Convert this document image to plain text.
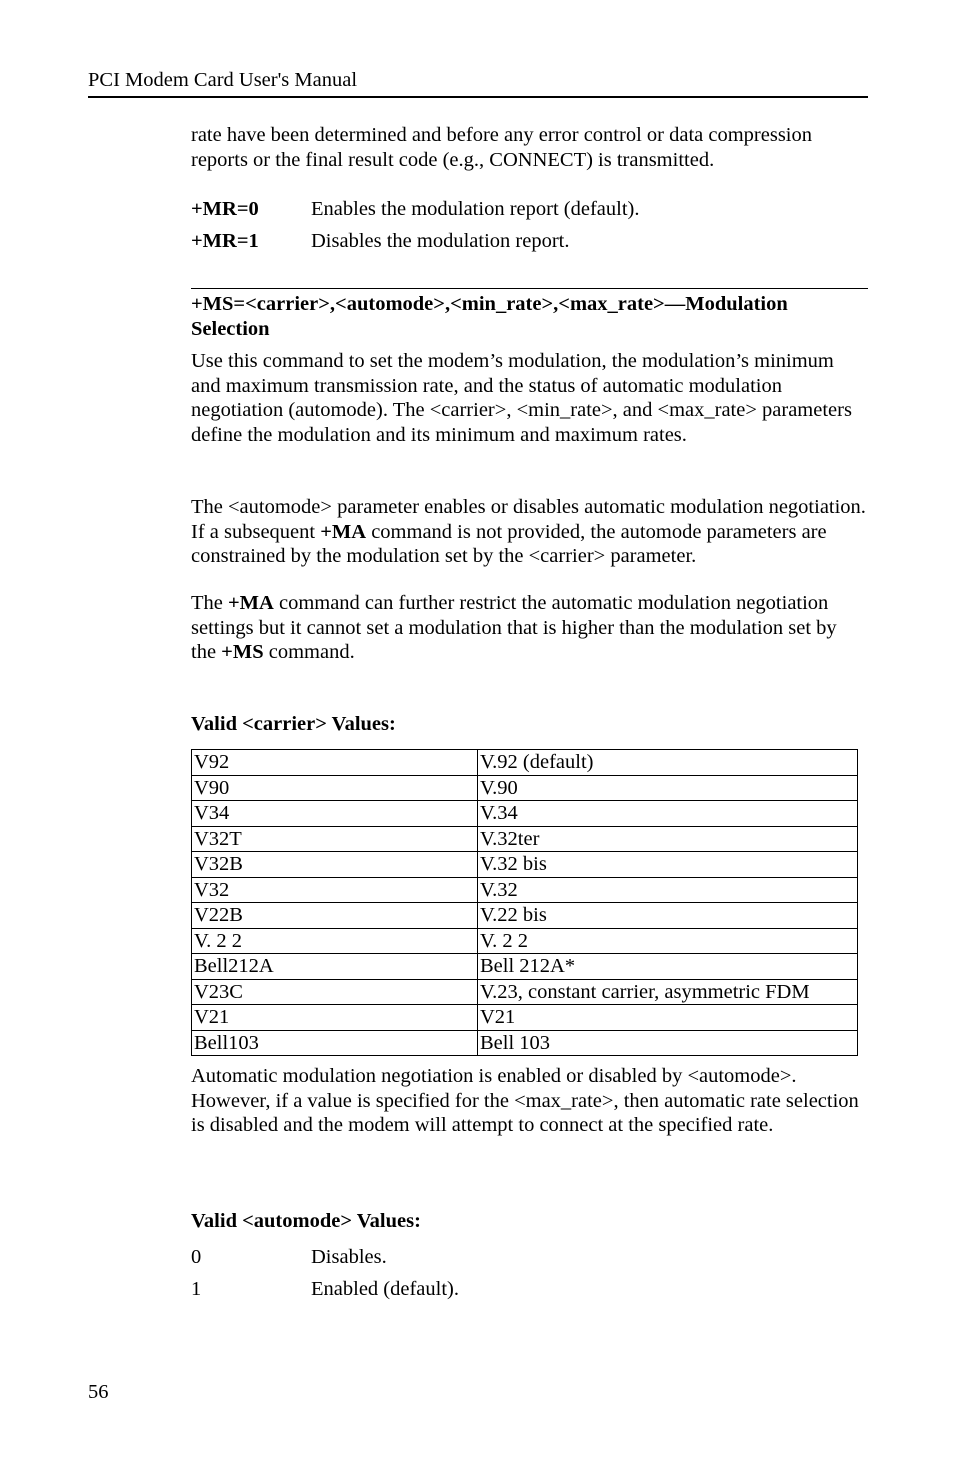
PCI Modem Card User's Manual

rate have been determined and before any error control or data compression reports or the final result code (e.g., CONNECT) is transmitted.

+MR=0	Enables the modulation report (default).
+MR=1	Disables the modulation report.
+MS=<carrier>,<automode>,<min_rate>,<max_rate>—Modulation Selection

Use this command to set the modem’s modulation, the modulation’s minimum and maximum transmission rate, and the status of automatic modulation negotiation (automode). The <carrier>, <min_rate>, and <max_rate> parameters define the modulation and its minimum and maximum rates.

The <automode> parameter enables or disables automatic modulation negotiation. If a subsequent +MA command is not provided, the automode parameters are constrained by the modulation set by the <carrier> parameter.

The +MA command can further restrict the automatic modulation negotiation settings but it cannot set a modulation that is higher than the modulation set by the +MS command.

Valid <carrier> Values:
V92	V.92 (default)
V90	V.90
V34	V.34
V32T	V.32ter
V32B	V.32 bis
V32	V.32
V22B	V.22 bis
V. 2 2	V. 2 2
Bell212A	Bell 212A*
V23C	V.23, constant carrier, asymmetric FDM
V21	V21
Bell103	Bell 103

Automatic modulation negotiation is enabled or disabled by <automode>. However, if a value is specified for the <max_rate>, then automatic rate selection is disabled and the modem will attempt to connect at the specified rate.

Valid <automode> Values:
0	Disables.
1	Enabled (default).
56
